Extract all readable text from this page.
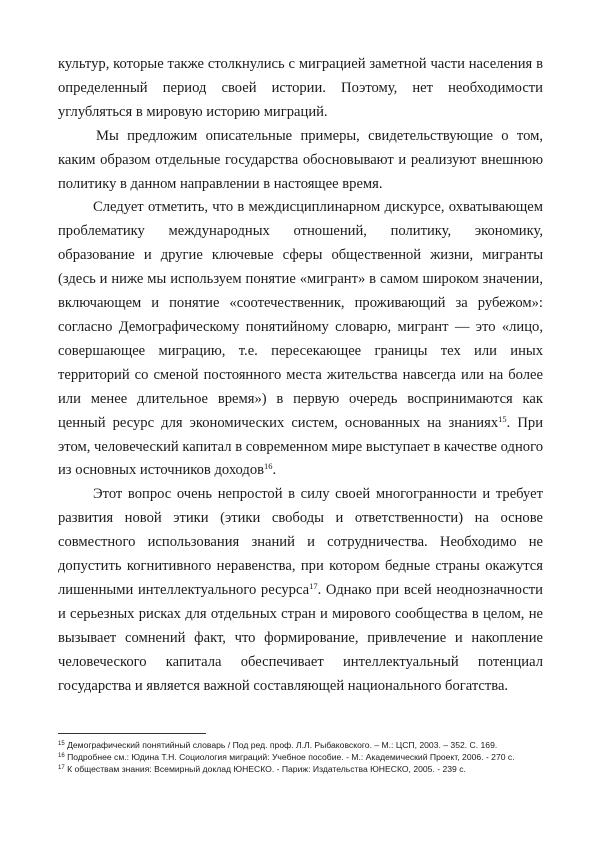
культур, которые также столкнулись с миграцией заметной части населения в определенный период своей истории. Поэтому, нет необходимости углубляться в мировую историю миграций.

Мы предложим описательные примеры, свидетельствующие о том, каким образом отдельные государства обосновывают и реализуют внешнюю политику в данном направлении в настоящее время.

Следует отметить, что в междисциплинарном дискурсе, охватывающем проблематику международных отношений, политику, экономику, образование и другие ключевые сферы общественной жизни, мигранты (здесь и ниже мы используем понятие «мигрант» в самом широком значении, включающем и понятие «соотечественник, проживающий за рубежом»: согласно Демографическому понятийному словарю, мигрант — это «лицо, совершающее миграцию, т.е. пересекающее границы тех или иных территорий со сменой постоянного места жительства навсегда или на более или менее длительное время») в первую очередь воспринимаются как ценный ресурс для экономических систем, основанных на знаниях$^{15}$. При этом, человеческий капитал в современном мире выступает в качестве одного из основных источников доходов$^{16}$.

Этот вопрос очень непростой в силу своей многогранности и требует развития новой этики (этики свободы и ответственности) на основе совместного использования знаний и сотрудничества. Необходимо не допустить когнитивного неравенства, при котором бедные страны окажутся лишенными интеллектуального ресурса$^{17}$. Однако при всей неоднозначности и серьезных рисках для отдельных стран и мирового сообщества в целом, не вызывает сомнений факт, что формирование, привлечение и накопление человеческого капитала обеспечивает интеллектуальный потенциал государства и является важной составляющей национального богатства.

$^{15}$ Демографический понятийный словарь / Под ред. проф. Л.Л. Рыбаковского. – М.: ЦСП, 2003. – 352. С. 169.

$^{16}$ Подробнее см.: Юдина Т.Н. Социология миграций: Учебное пособие. - М.: Академический Проект, 2006. - 270 с.

$^{17}$ К обществам знания: Всемирный доклад ЮНЕСКО. - Париж: Издательства ЮНЕСКО, 2005. - 239 с.
